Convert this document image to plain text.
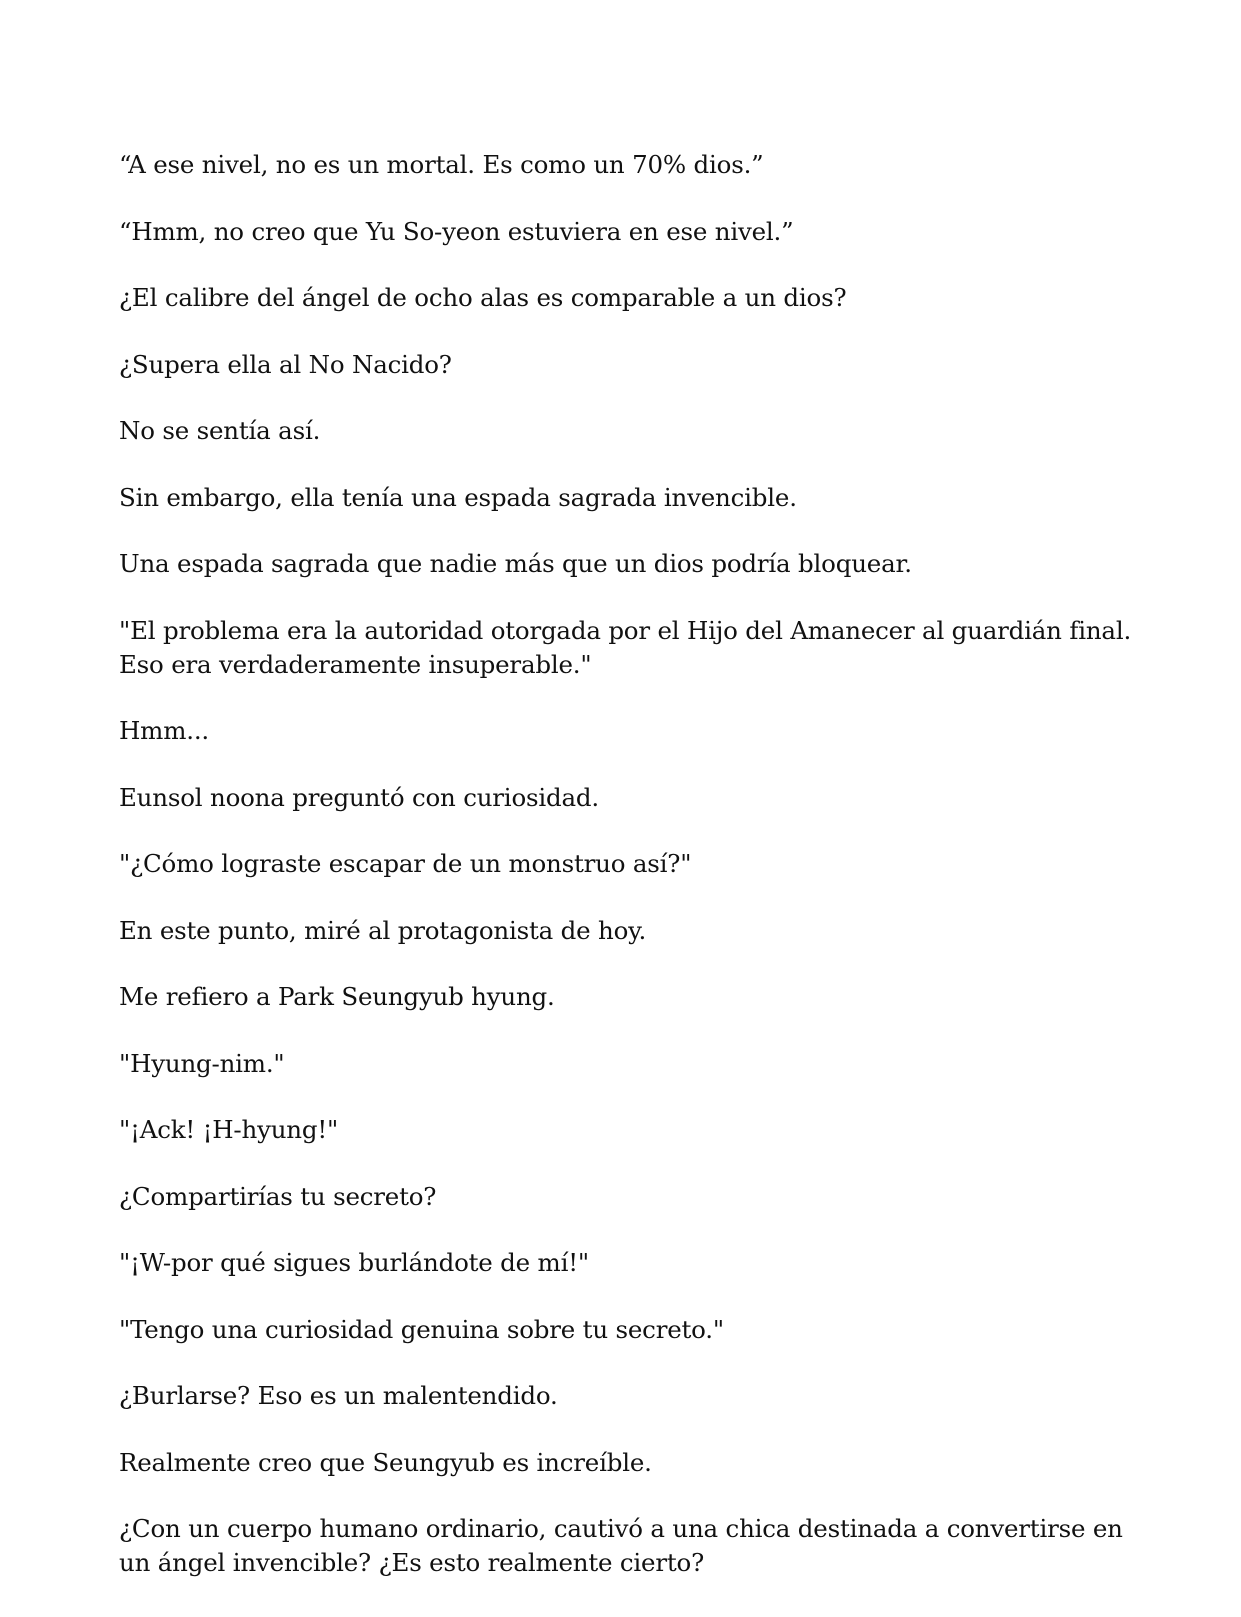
“A ese nivel, no es un mortal. Es como un 70% dios.”

“Hmm, no creo que Yu So-yeon estuviera en ese nivel.”

¿El calibre del ángel de ocho alas es comparable a un dios?

¿Supera ella al No Nacido?

No se sentía así.

Sin embargo, ella tenía una espada sagrada invencible.

Una espada sagrada que nadie más que un dios podría bloquear.

"El problema era la autoridad otorgada por el Hijo del Amanecer al guardián final. Eso era verdaderamente insuperable."

Hmm...

Eunsol noona preguntó con curiosidad.

"¿Cómo lograste escapar de un monstruo así?"

En este punto, miré al protagonista de hoy.

Me refiero a Park Seungyub hyung.

"Hyung-nim."

"¡Ack! ¡H-hyung!"

¿Compartirías tu secreto?

"¡W-por qué sigues burlándote de mí!"

"Tengo una curiosidad genuina sobre tu secreto."

¿Burlarse? Eso es un malentendido.

Realmente creo que Seungyub es increíble.

¿Con un cuerpo humano ordinario, cautivó a una chica destinada a convertirse en un ángel invencible? ¿Es esto realmente cierto?
